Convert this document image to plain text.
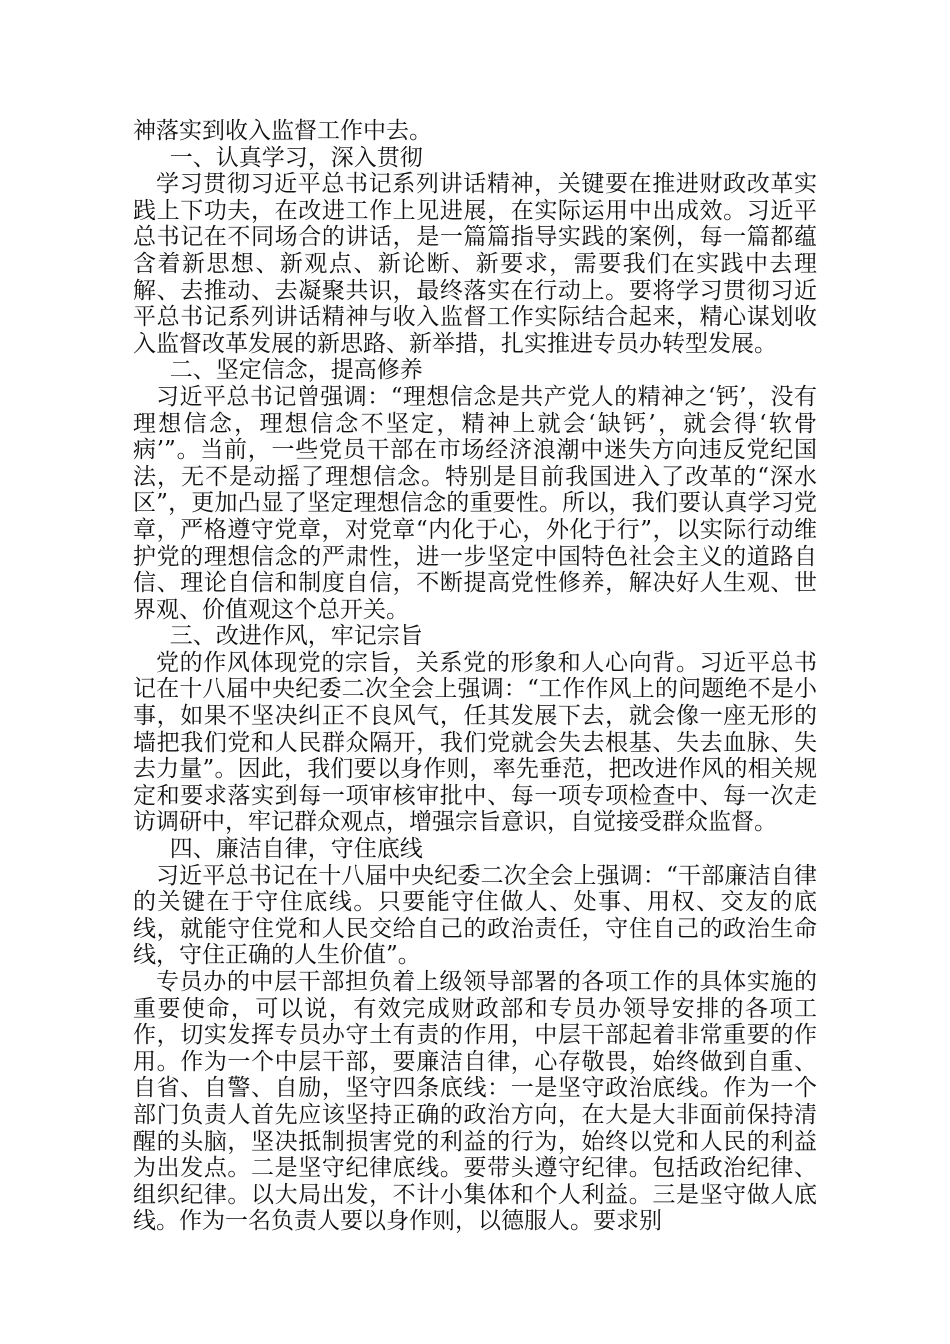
神落实到收入监督工作中去。

一、认真学习，深入贯彻

学习贯彻习近平总书记系列讲话精神，关键要在推进财政改革实践上下功夫，在改进工作上见进展，在实际运用中出成效。习近平总书记在不同场合的讲话，是一篇篇指导实践的案例，每一篇都蕴含着新思想、新观点、新论断、新要求，需要我们在实践中去理解、去推动、去凝聚共识，最终落实在行动上。要将学习贯彻习近平总书记系列讲话精神与收入监督工作实际结合起来，精心谋划收入监督改革发展的新思路、新举措，扎实推进专员办转型发展。

二、坚定信念，提高修养

习近平总书记曾强调：“理想信念是共产党人的精神之‘钙’，没有理想信念，理想信念不坚定，精神上就会‘缺钙’，就会得‘软骨病’”。当前，一些党员干部在市场经济浪潮中迷失方向违反党纪国法，无不是动摇了理想信念。特别是目前我国进入了改革的“深水区”，更加凸显了坚定理想信念的重要性。所以，我们要认真学习党章，严格遵守党章，对党章“内化于心，外化于行”，以实际行动维护党的理想信念的严肃性，进一步坚定中国特色社会主义的道路自信、理论自信和制度自信，不断提高党性修养，解决好人生观、世界观、价值观这个总开关。

三、改进作风，牢记宗旨

党的作风体现党的宗旨，关系党的形象和人心向背。习近平总书记在十八届中央纪委二次全会上强调：“工作作风上的问题绝不是小事，如果不坚决纠正不良风气，任其发展下去，就会像一座无形的墙把我们党和人民群众隔开，我们党就会失去根基、失去血脉、失去力量”。因此，我们要以身作则，率先垂范，把改进作风的相关规定和要求落实到每一项审核审批中、每一项专项检查中、每一次走访调研中，牢记群众观点，增强宗旨意识，自觉接受群众监督。

四、廉洁自律，守住底线

习近平总书记在十八届中央纪委二次全会上强调：“干部廉洁自律的关键在于守住底线。只要能守住做人、处事、用权、交友的底线，就能守住党和人民交给自己的政治责任，守住自己的政治生命线，守住正确的人生价值”。

专员办的中层干部担负着上级领导部署的各项工作的具体实施的重要使命，可以说，有效完成财政部和专员办领导安排的各项工作，切实发挥专员办守土有责的作用，中层干部起着非常重要的作用。作为一个中层干部，要廉洁自律，心存敬畏，始终做到自重、自省、自警、自励，坚守四条底线：一是坚守政治底线。作为一个部门负责人首先应该坚持正确的政治方向，在大是大非面前保持清醒的头脑，坚决抵制损害党的利益的行为，始终以党和人民的利益为出发点。二是坚守纪律底线。要带头遵守纪律。包括政治纪律、组织纪律。以大局出发，不计小集体和个人利益。三是坚守做人底线。作为一名负责人要以身作则，以德服人。要求别
